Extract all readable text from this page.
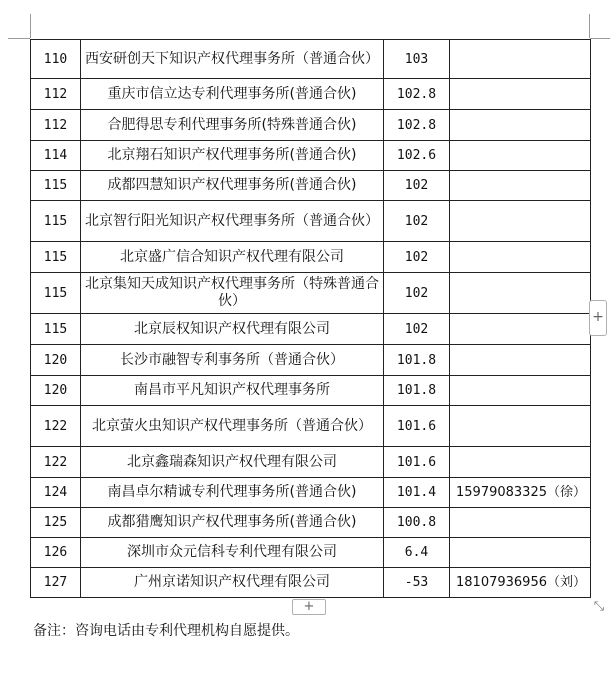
110	西安研创天下知识产权代理事务所（普通合伙）	103	
112	重庆市信立达专利代理事务所(普通合伙)	102.8	
112	合肥得思专利代理事务所(特殊普通合伙)	102.8	
114	北京翔石知识产权代理事务所(普通合伙)	102.6	
115	成都四慧知识产权代理事务所(普通合伙)	102	
115	北京智行阳光知识产权代理事务所（普通合伙）	102	
115	北京盛广信合知识产权代理有限公司	102	
115	北京集知天成知识产权代理事务所（特殊普通合伙）	102	
115	北京辰权知识产权代理有限公司	102	
120	长沙市融智专利事务所（普通合伙）	101.8	
120	南昌市平凡知识产权代理事务所	101.8	
122	北京萤火虫知识产权代理事务所（普通合伙）	101.6	
122	北京鑫瑞森知识产权代理有限公司	101.6	
124	南昌卓尔精诚专利代理事务所(普通合伙)	101.4	15979083325（徐）
125	成都猎鹰知识产权代理事务所(普通合伙)	100.8	
126	深圳市众元信科专利代理有限公司	6.4	
127	广州京诺知识产权代理有限公司	-53	18107936956（刘）
+
+	⤡
备注：咨询电话由专利代理机构自愿提供。
